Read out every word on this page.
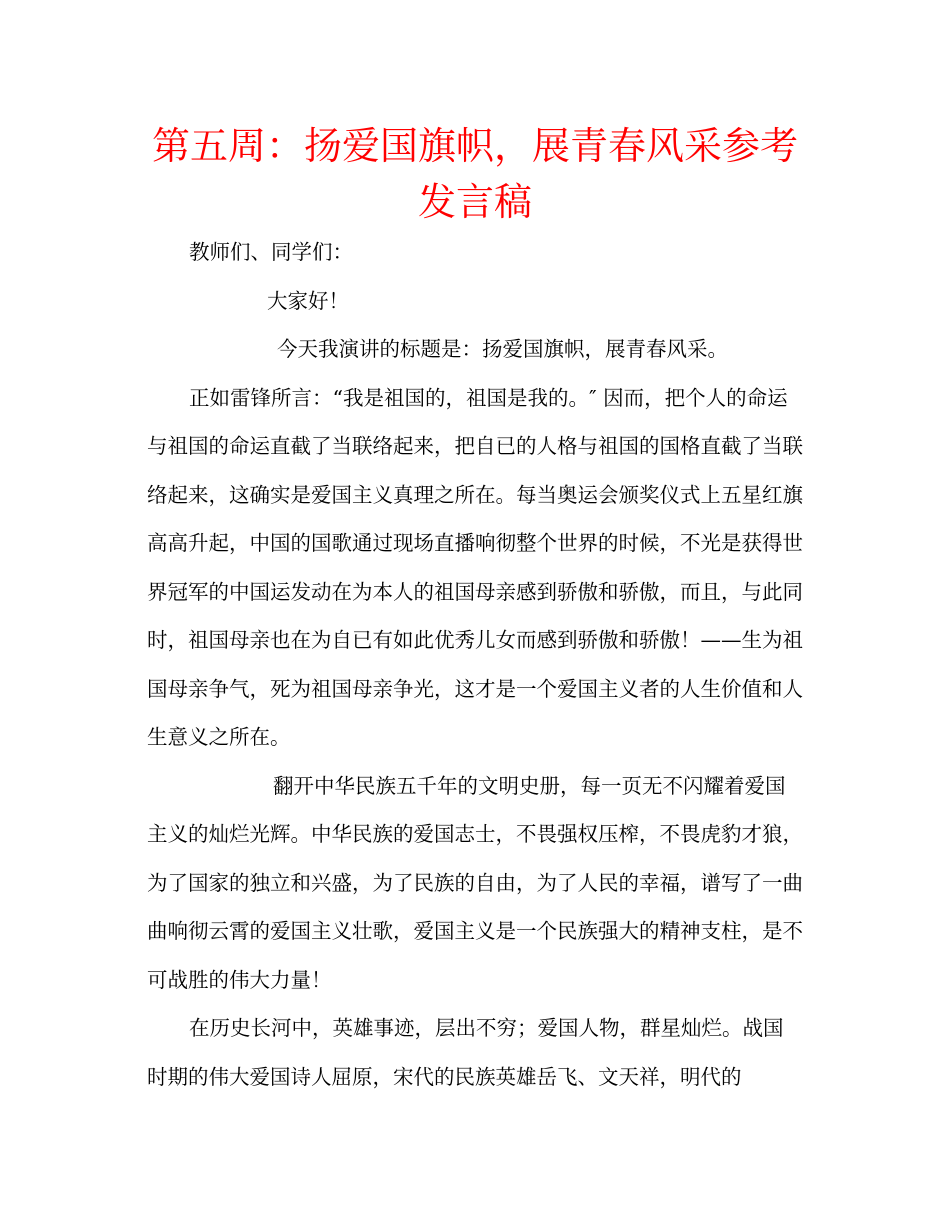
第五周：扬爱国旗帜，展青春风采参考发言稿

教师们、同学们：

大家好！

今天我演讲的标题是：扬爱国旗帜，展青春风采。

正如雷锋所言：“我是祖国的，祖国是我的。″ 因而，把个人的命运与祖国的命运直截了当联络起来，把自已的人格与祖国的国格直截了当联络起来，这确实是爱国主义真理之所在。每当奥运会颁奖仪式上五星红旗高高升起，中国的国歌通过现场直播响彻整个世界的时候，不光是获得世界冠军的中国运发动在为本人的祖国母亲感到骄傲和骄傲，而且，与此同时，祖国母亲也在为自已有如此优秀儿女而感到骄傲和骄傲！——生为祖国母亲争气，死为祖国母亲争光，这才是一个爱国主义者的人生价值和人生意义之所在。

翻开中华民族五千年的文明史册，每一页无不闪耀着爱国主义的灿烂光辉。中华民族的爱国志士，不畏强权压榨，不畏虎豹才狼，为了国家的独立和兴盛，为了民族的自由，为了人民的幸福，谱写了一曲曲响彻云霄的爱国主义壮歌，爱国主义是一个民族强大的精神支柱，是不可战胜的伟大力量！

在历史长河中，英雄事迹，层出不穷；爱国人物，群星灿烂。战国时期的伟大爱国诗人屈原，宋代的民族英雄岳飞、文天祥，明代的
